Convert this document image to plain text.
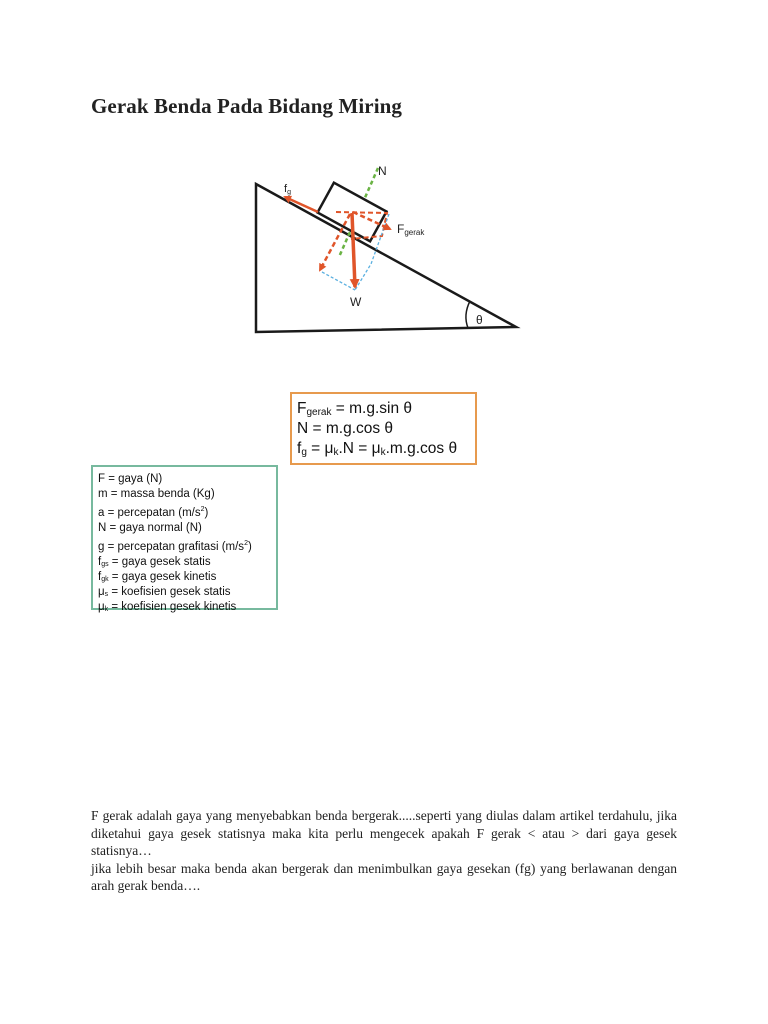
Gerak Benda Pada Bidang Miring
θ
N
fg
Fgerak
W
$F_{gerak} = m.g.\sin$ θ
N = m.g.cos θ
$f_g = \mu_k.N = \mu_k.m.g.\cos$ θ
F = gaya (N)
m = massa benda (Kg)
a = percepatan $(m/s^2)$
N = gaya normal (N)
g = percepatan grafitasi $(m/s^2)$
$f_{gs}$ = gaya gesek statis
$f_{gk}$ = gaya gesek kinetis
$\mu_s$ = koefisien gesek statis
$\mu_k$ = koefisien gesek kinetis
F gerak adalah gaya yang menyebabkan benda bergerak.....seperti yang diulas dalam artikel terdahulu, jika diketahui gaya gesek statisnya maka kita perlu mengecek apakah F gerak < atau > dari gaya gesek statisnya…
jika lebih besar maka benda akan bergerak dan menimbulkan gaya gesekan (fg) yang berlawanan dengan arah gerak benda….
